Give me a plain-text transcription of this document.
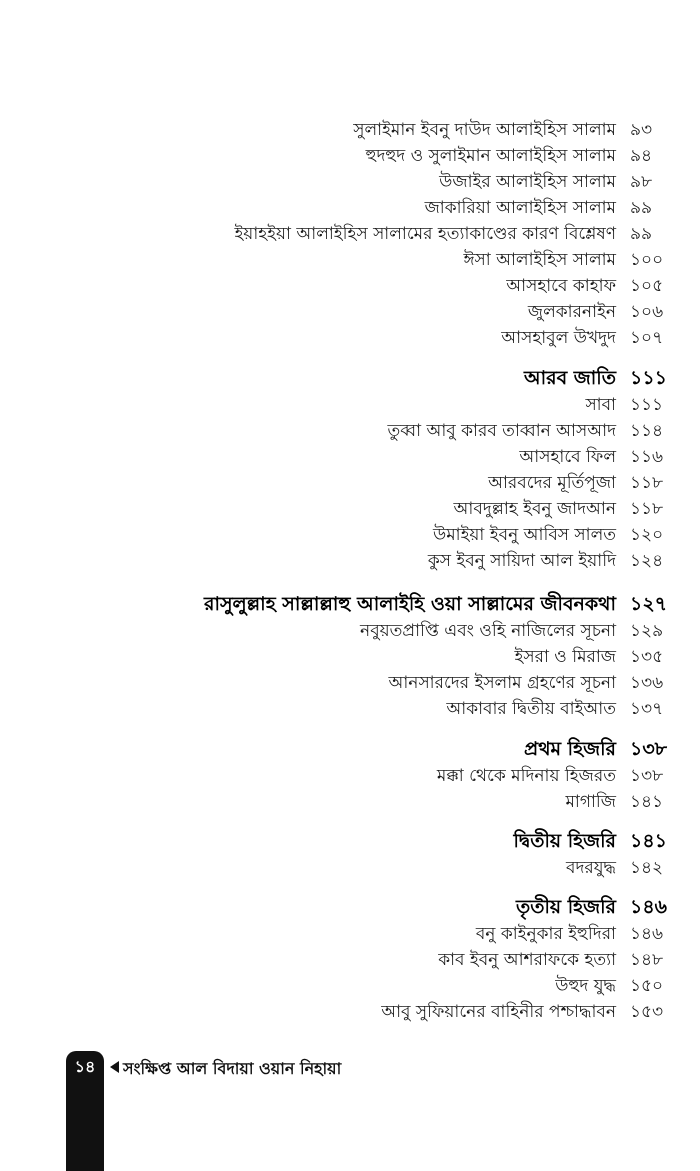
সুলাইমান ইবনু দাউদ আলাইহিস সালাম ৯৩
হুদহুদ ও সুলাইমান আলাইহিস সালাম ৯৪
উজাইর আলাইহিস সালাম ৯৮
জাকারিয়া আলাইহিস সালাম ৯৯
ইয়াহইয়া আলাইহিস সালামের হত্যাকাণ্ডের কারণ বিশ্লেষণ ৯৯
ঈসা আলাইহিস সালাম ১০০
আসহাবে কাহাফ ১০৫
জুলকারনাইন ১০৬
আসহাবুল উখদুদ ১০৭
আরব জাতি ১১১
সাবা ১১১
তুব্বা আবু কারব তাব্বান আসআদ ১১৪
আসহাবে ফিল ১১৬
আরবদের মূর্তিপূজা ১১৮
আবদুল্লাহ ইবনু জাদআন ১১৮
উমাইয়া ইবনু আবিস সালত ১২০
কুস ইবনু সায়িদা আল ইয়াদি ১২৪
রাসুলুল্লাহ সাল্লাল্লাহু আলাইহি ওয়া সাল্লামের জীবনকথা ১২৭
নবুয়তপ্রাপ্তি এবং ওহি নাজিলের সূচনা ১২৯
ইসরা ও মিরাজ ১৩৫
আনসারদের ইসলাম গ্রহণের সূচনা ১৩৬
আকাবার দ্বিতীয় বাইআত ১৩৭
প্রথম হিজরি ১৩৮
মক্কা থেকে মদিনায় হিজরত ১৩৮
মাগাজি ১৪১
দ্বিতীয় হিজরি ১৪১
বদরযুদ্ধ ১৪২
তৃতীয় হিজরি ১৪৬
বনু কাইনুকার ইহুদিরা ১৪৬
কাব ইবনু আশরাফকে হত্যা ১৪৮
উহুদ যুদ্ধ ১৫০
আবু সুফিয়ানের বাহিনীর পশ্চাদ্ধাবন ১৫৩
১৪	সংক্ষিপ্ত আল বিদায়া ওয়ান নিহায়া
